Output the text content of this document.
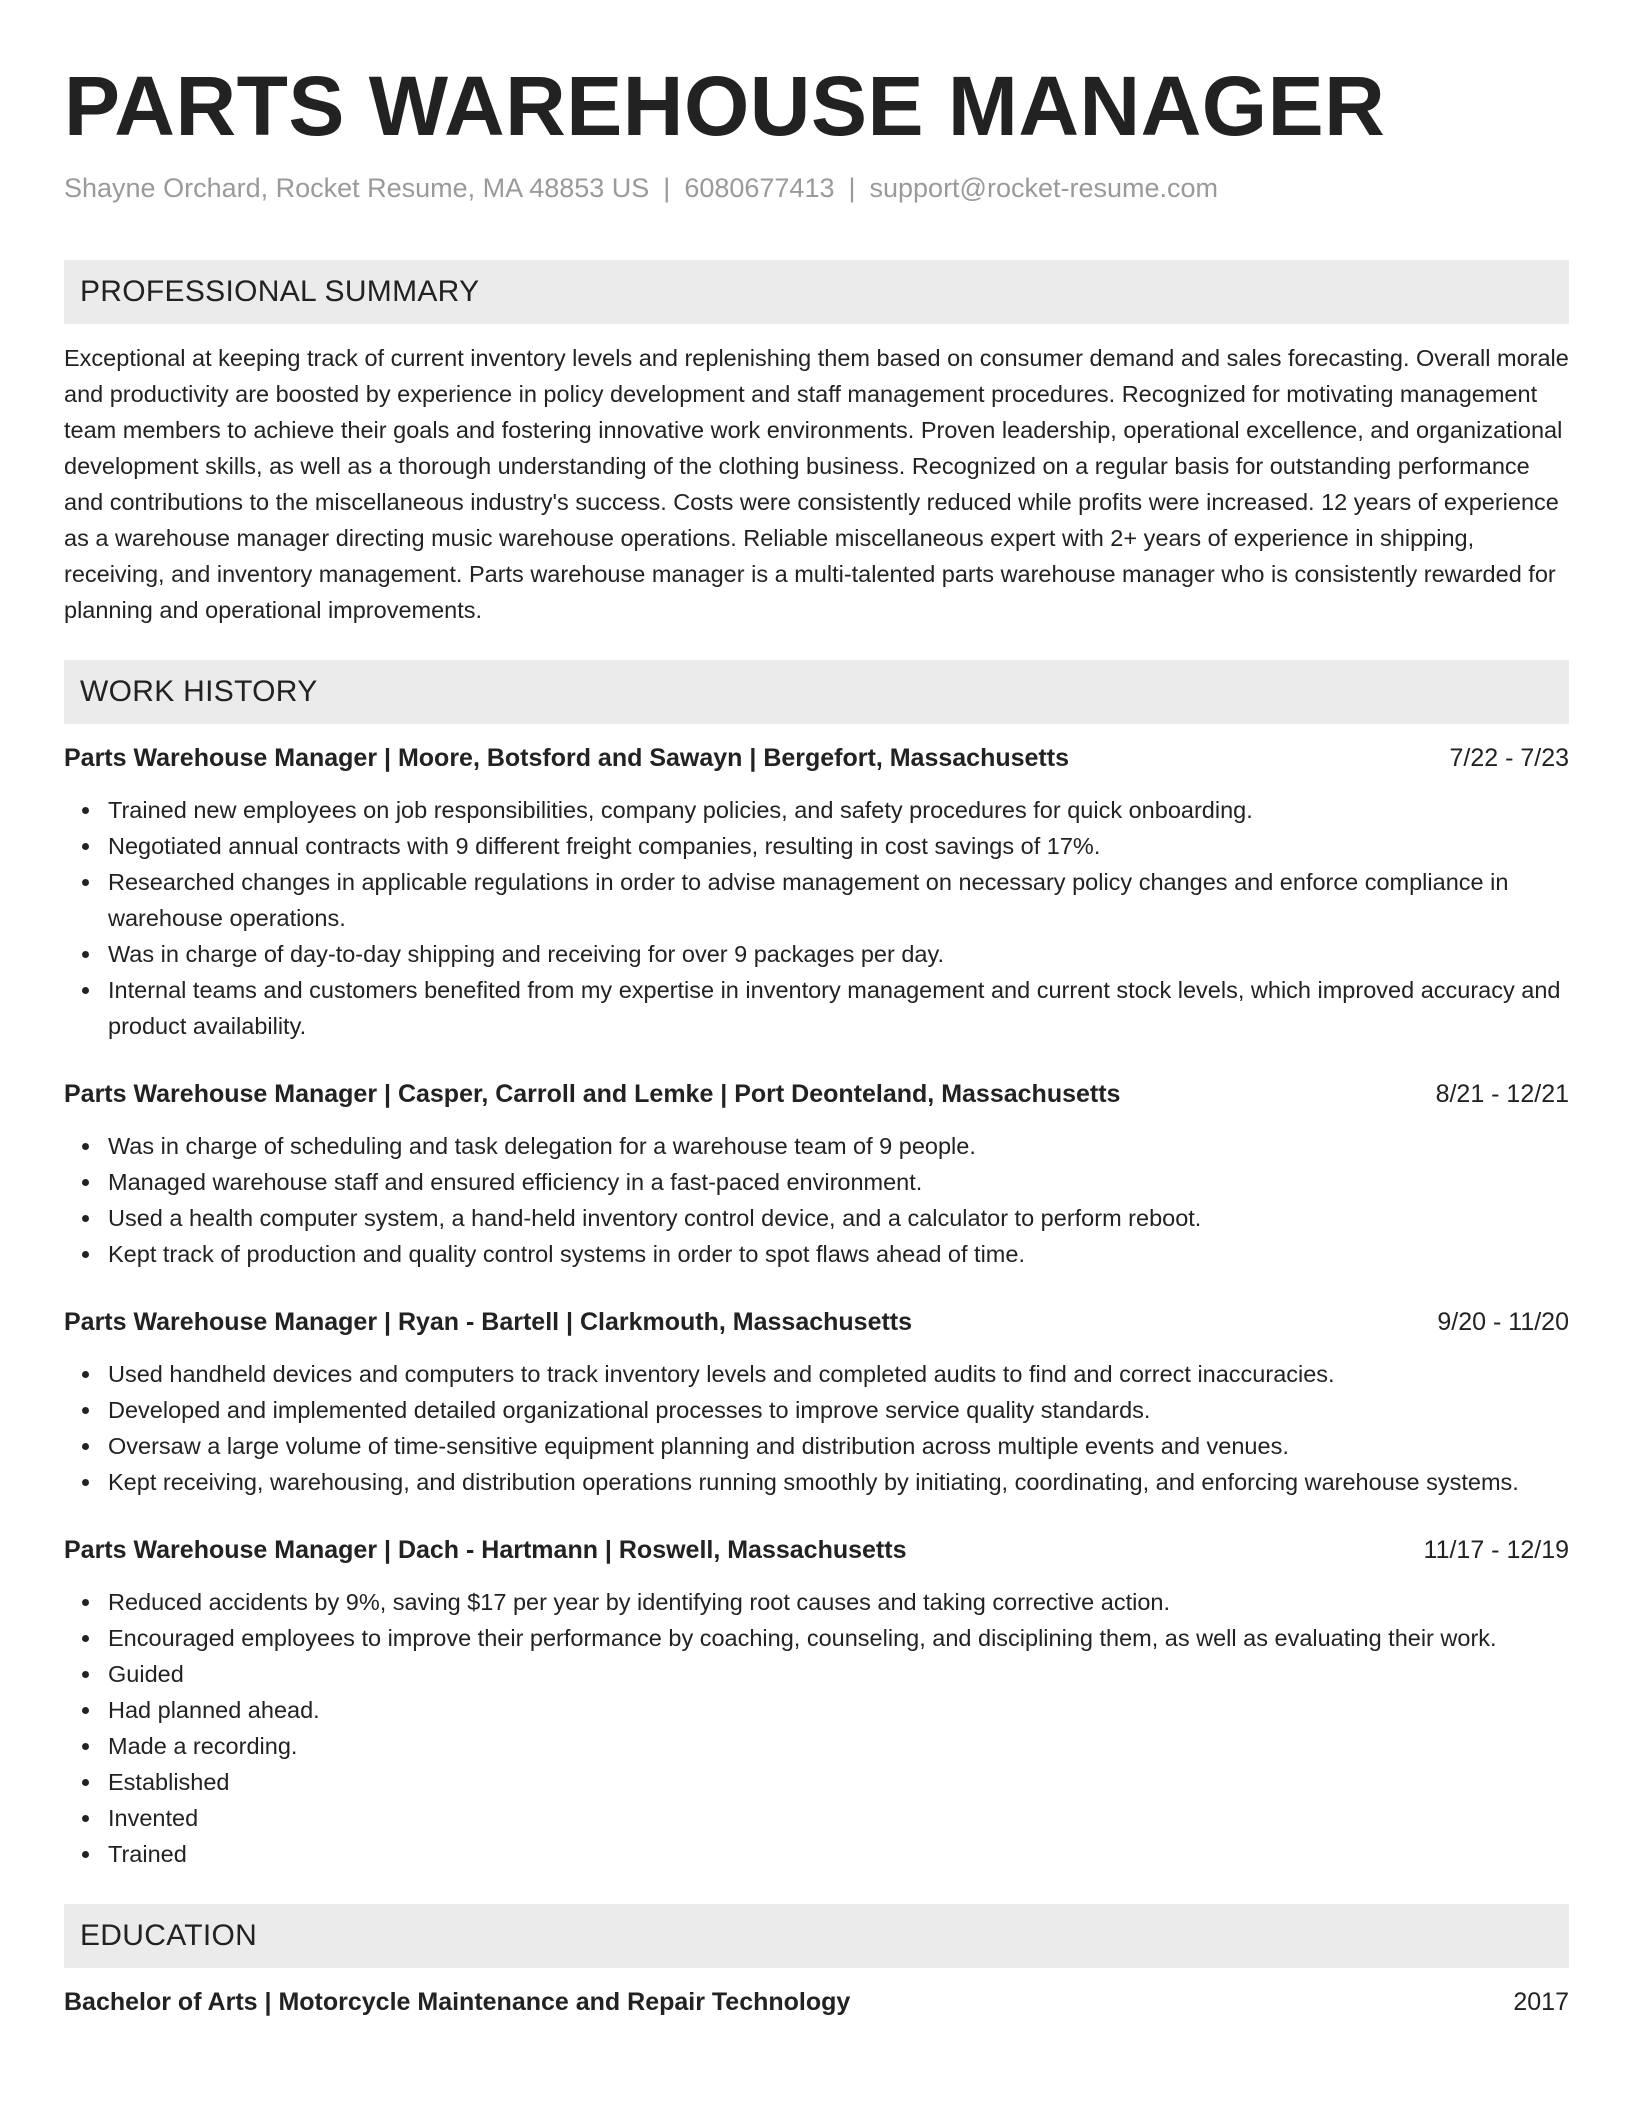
PARTS WAREHOUSE MANAGER
Shayne Orchard, Rocket Resume, MA 48853 US | 6080677413 | support@rocket-resume.com
PROFESSIONAL SUMMARY
Exceptional at keeping track of current inventory levels and replenishing them based on consumer demand and sales forecasting. Overall morale and productivity are boosted by experience in policy development and staff management procedures. Recognized for motivating management team members to achieve their goals and fostering innovative work environments. Proven leadership, operational excellence, and organizational development skills, as well as a thorough understanding of the clothing business. Recognized on a regular basis for outstanding performance and contributions to the miscellaneous industry's success. Costs were consistently reduced while profits were increased. 12 years of experience as a warehouse manager directing music warehouse operations. Reliable miscellaneous expert with 2+ years of experience in shipping, receiving, and inventory management. Parts warehouse manager is a multi-talented parts warehouse manager who is consistently rewarded for planning and operational improvements.
WORK HISTORY
Parts Warehouse Manager | Moore, Botsford and Sawayn | Bergefort, Massachusetts	7/22 - 7/23
Trained new employees on job responsibilities, company policies, and safety procedures for quick onboarding.
Negotiated annual contracts with 9 different freight companies, resulting in cost savings of 17%.
Researched changes in applicable regulations in order to advise management on necessary policy changes and enforce compliance in warehouse operations.
Was in charge of day-to-day shipping and receiving for over 9 packages per day.
Internal teams and customers benefited from my expertise in inventory management and current stock levels, which improved accuracy and product availability.
Parts Warehouse Manager | Casper, Carroll and Lemke | Port Deonteland, Massachusetts	8/21 - 12/21
Was in charge of scheduling and task delegation for a warehouse team of 9 people.
Managed warehouse staff and ensured efficiency in a fast-paced environment.
Used a health computer system, a hand-held inventory control device, and a calculator to perform reboot.
Kept track of production and quality control systems in order to spot flaws ahead of time.
Parts Warehouse Manager | Ryan - Bartell | Clarkmouth, Massachusetts	9/20 - 11/20
Used handheld devices and computers to track inventory levels and completed audits to find and correct inaccuracies.
Developed and implemented detailed organizational processes to improve service quality standards.
Oversaw a large volume of time-sensitive equipment planning and distribution across multiple events and venues.
Kept receiving, warehousing, and distribution operations running smoothly by initiating, coordinating, and enforcing warehouse systems.
Parts Warehouse Manager | Dach - Hartmann | Roswell, Massachusetts	11/17 - 12/19
Reduced accidents by 9%, saving $17 per year by identifying root causes and taking corrective action.
Encouraged employees to improve their performance by coaching, counseling, and disciplining them, as well as evaluating their work.
Guided
Had planned ahead.
Made a recording.
Established
Invented
Trained
EDUCATION
Bachelor of Arts | Motorcycle Maintenance and Repair Technology	2017
